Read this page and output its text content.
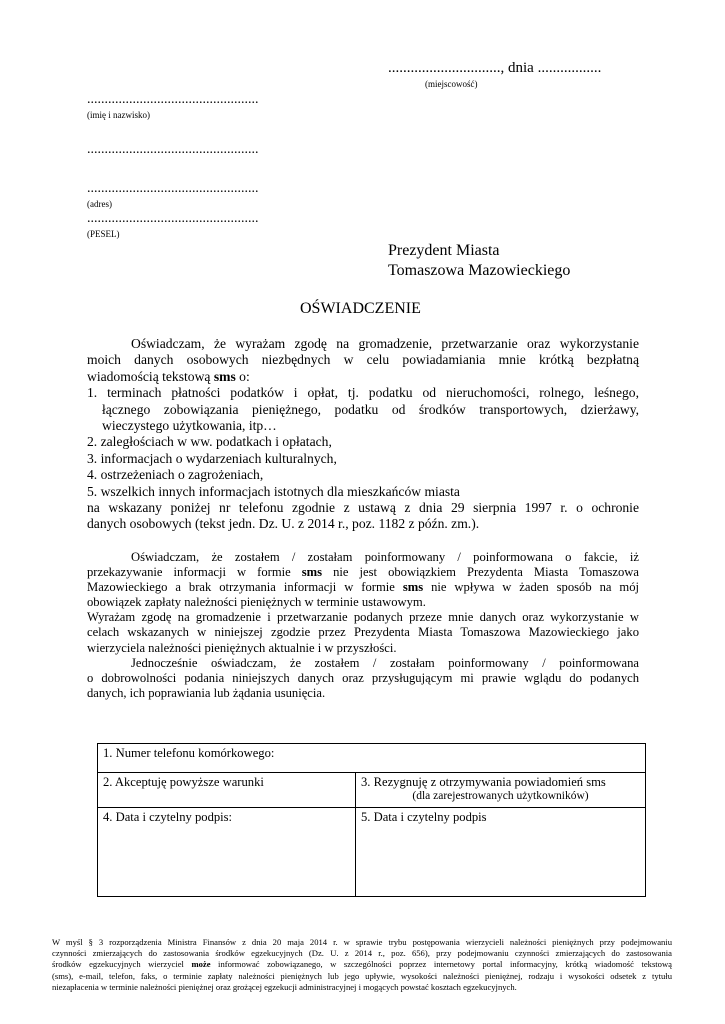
.............................., dnia .................
(miejscowość)
.................................................
(imię i nazwisko)
.................................................
.................................................
(adres)
.................................................
(PESEL)
Prezydent Miasta
Tomaszowa Mazowieckiego
OŚWIADCZENIE
Oświadczam, że wyrażam zgodę na gromadzenie, przetwarzanie oraz wykorzystanie
moich danych osobowych niezbędnych w celu powiadamiania mnie krótką bezpłatną
wiadomością tekstową sms o:
1. terminach płatności podatków i opłat, tj. podatku od nieruchomości, rolnego, leśnego,
łącznego zobowiązania pieniężnego, podatku od środków transportowych, dzierżawy,
wieczystego użytkowania, itp…
2. zaległościach w ww. podatkach i opłatach,
3. informacjach o wydarzeniach kulturalnych,
4. ostrzeżeniach o zagrożeniach,
5. wszelkich innych informacjach istotnych dla mieszkańców miasta
na wskazany poniżej nr telefonu zgodnie z ustawą z dnia 29 sierpnia 1997 r. o ochronie
danych osobowych (tekst jedn. Dz. U. z 2014 r., poz. 1182 z późn. zm.).
Oświadczam, że zostałem / zostałam poinformowany / poinformowana o fakcie, iż
przekazywanie informacji w formie sms nie jest obowiązkiem Prezydenta Miasta Tomaszowa
Mazowieckiego a brak otrzymania informacji w formie sms nie wpływa w żaden sposób na mój
obowiązek zapłaty należności pieniężnych w terminie ustawowym.
Wyrażam zgodę na gromadzenie i przetwarzanie podanych przeze mnie danych oraz wykorzystanie w
celach wskazanych w niniejszej zgodzie przez Prezydenta Miasta Tomaszowa Mazowieckiego jako
wierzyciela należności pieniężnych aktualnie i w przyszłości.
Jednocześnie oświadczam, że zostałem / zostałam poinformowany / poinformowana
o dobrowolności podania niniejszych danych oraz przysługującym mi prawie wglądu do podanych
danych, ich poprawiania lub żądania usunięcia.
1. Numer telefonu komórkowego:	
2. Akceptuję powyższe warunki	3. Rezygnuję z otrzymywania powiadomień sms
(dla zarejestrowanych użytkowników)

4. Data i czytelny podpis:	5. Data i czytelny podpis
W myśl § 3 rozporządzenia Ministra Finansów z dnia 20 maja 2014 r. w sprawie trybu postępowania wierzycieli należności pieniężnych przy podejmowaniu
czynności zmierzających do zastosowania środków egzekucyjnych (Dz. U. z 2014 r., poz. 656), przy podejmowaniu czynności zmierzających do zastosowania
środków egzekucyjnych wierzyciel może informować zobowiązanego, w szczególności poprzez internetowy portal informacyjny, krótką wiadomość tekstową
(sms), e-mail, telefon, faks, o terminie zapłaty należności pieniężnych lub jego upływie, wysokości należności pieniężnej, rodzaju i wysokości odsetek z tytułu
niezapłacenia w terminie należności pieniężnej oraz grożącej egzekucji administracyjnej i mogących powstać kosztach egzekucyjnych.
